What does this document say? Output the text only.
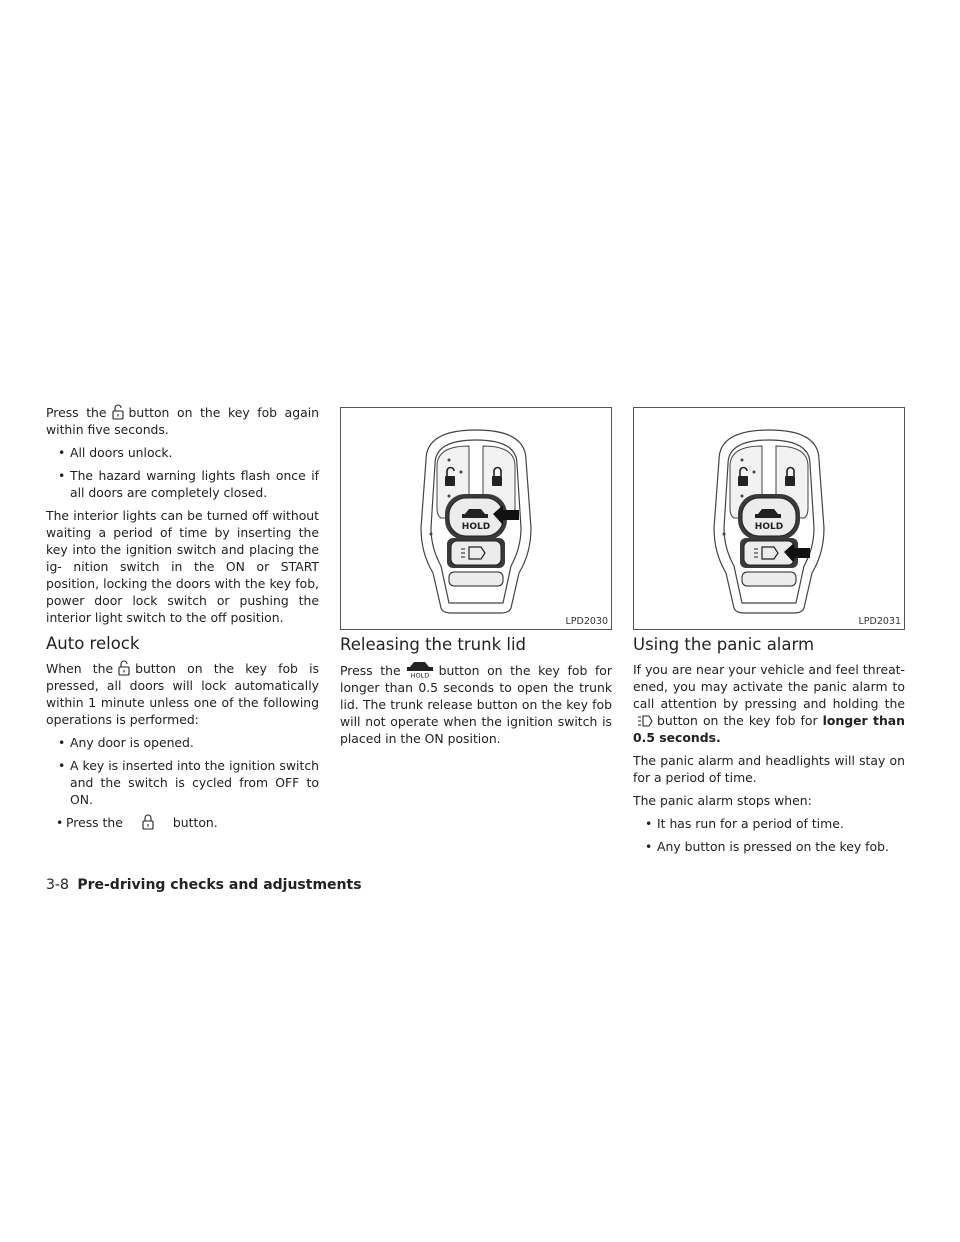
Press the button on the key fob again within five seconds.

• All doors unlock.
• The hazard warning lights flash once if all doors are completely closed.

The interior lights can be turned off without waiting a period of time by inserting the key into the ignition switch and placing the ig- nition switch in the ON or START position, locking the doors with the key fob, power door lock switch or pushing the interior light switch to the off position.

Auto relock

When the button on the key fob is pressed, all doors will lock automatically within 1 minute unless one of the following operations is performed:

• Any door is opened.
• A key is inserted into the ignition switch and the switch is cycled from OFF to ON.
• Press the	button.
HOLD
LPD2030
HOLD
LPD2031
Releasing the trunk lid

Press the HOLD button on the key fob for longer than 0.5 seconds to open the trunk lid. The trunk release button on the key fob will not operate when the ignition switch is placed in the ON position.

Using the panic alarm

If you are near your vehicle and feel threat- ened, you may activate the panic alarm to call attention by pressing and holding the
button on the key fob for longer than 0.5 seconds.

The panic alarm and headlights will stay on for a period of time.

The panic alarm stops when:

• It has run for a period of time.
• Any button is pressed on the key fob.
3-8 Pre-driving checks and adjustments
